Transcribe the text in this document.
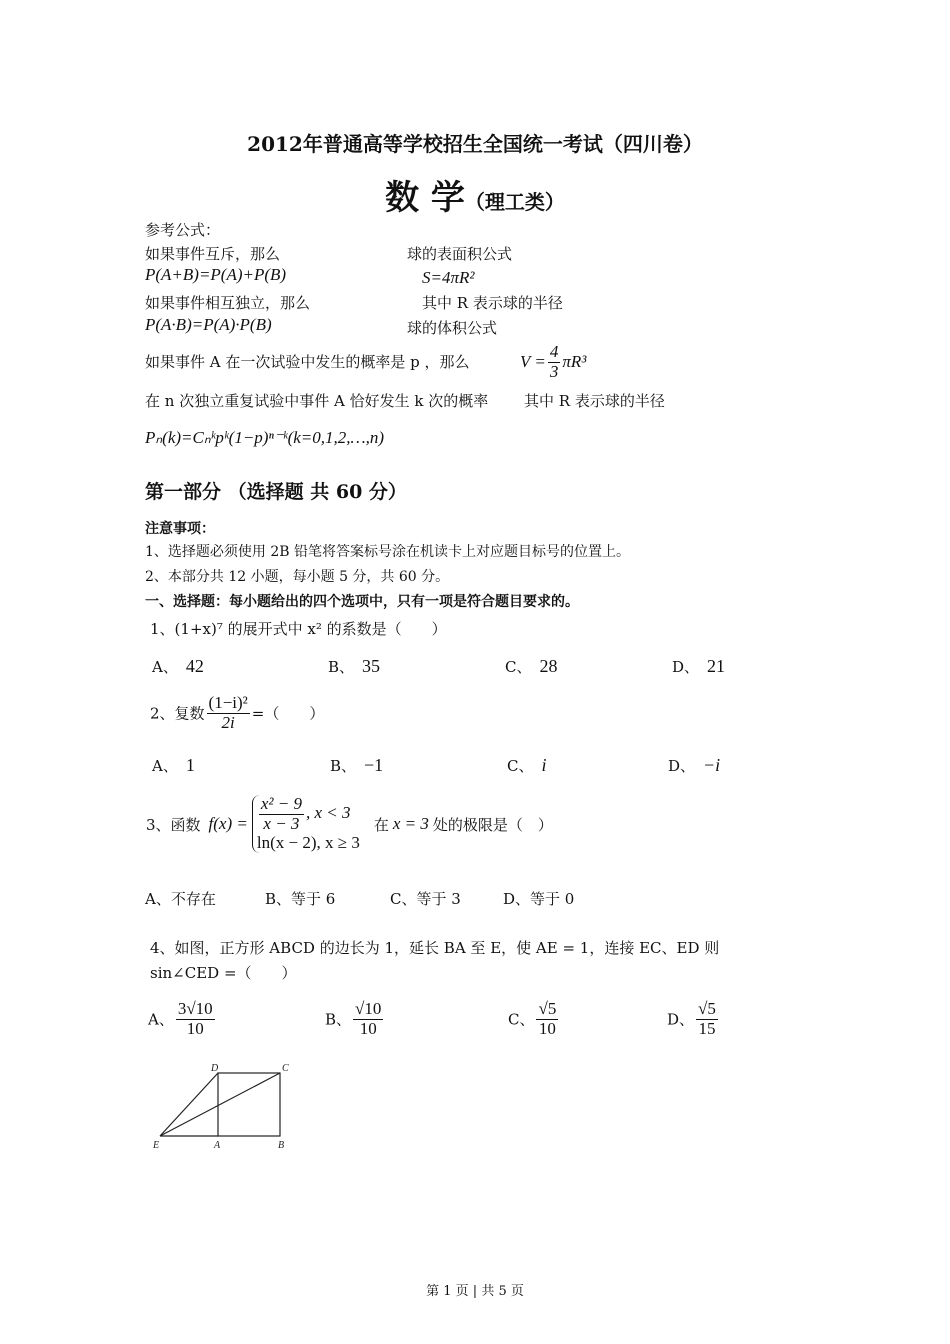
2012年普通高等学校招生全国统一考试（四川卷）
数 学（理工类）
参考公式：
如果事件互斥，那么
P(A+B)=P(A)+P(B)
如果事件相互独立，那么
P(A·B)=P(A)·P(B)
如果事件 A 在一次试验中发生的概率是 p ，那么
在 n 次独立重复试验中事件 A 恰好发生 k 次的概率
Pₙ(k)=Cₙᵏpᵏ(1−p)ⁿ⁻ᵏ(k=0,1,2,…,n)
球的表面积公式
S=4πR²
其中 R 表示球的半径
球的体积公式
$V = \frac{4}{3} \pi R^3$
其中 R 表示球的半径
第一部分 （选择题 共 60 分）
注意事项：
1、选择题必须使用 2B 铅笔将答案标号涂在机读卡上对应题目标号的位置上。
2、本部分共 12 小题，每小题 5 分，共 60 分。
一、选择题：每小题给出的四个选项中，只有一项是符合题目要求的。
1、(1+x)⁷ 的展开式中 x² 的系数是（　　）
A、 42	B、 35	C、 28	D、 21
2、复数 $\frac{\text{(1−i)²}}{2i}$ =（　　）
A、 1	B、 −1	C、 i	D、 −i
3、函数 $f(x) = \frac{\text{x² − 9}}{x - 3}$ , x < 3
ln(x − 2), x ≥ 3
在 x = 3 处的极限是（　）
A、不存在	B、等于 6	C、等于 3	D、等于 0
4、如图，正方形 ABCD 的边长为 1，延长 BA 至 E，使 AE = 1，连接 EC、ED 则
sin∠CED =（　　）
A、 $\frac{3√10}{10}$	B、 $\frac{√10}{10}$	C、 $\frac{√5}{10}$	D、 $\frac{√5}{15}$
D	C
E	A	B
第 1 页 | 共 5 页
